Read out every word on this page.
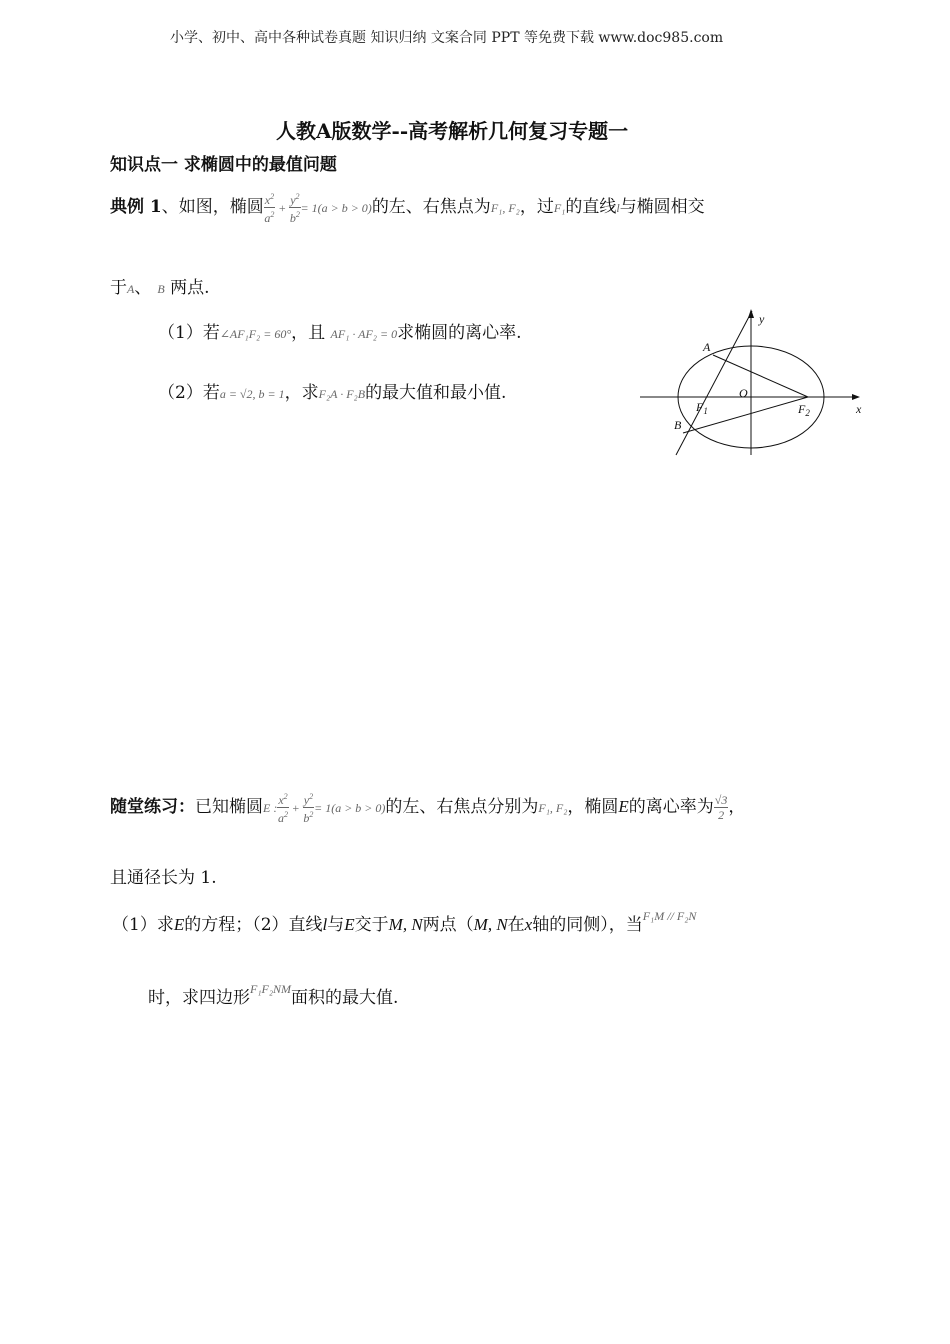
小学、初中、高中各种试卷真题 知识归纳 文案合同 PPT 等免费下载 www.doc985.com
人教A版数学--高考解析几何复习专题一
知识点一 求椭圆中的最值问题
典例 1、如图，椭圆 $\frac{x^2}{a^2} + \frac{y^2}{b^2} = 1(a > b > 0)$的左、右焦点为F₁, F₂，过F₁的直线l与椭圆相交
于A、 B 两点.
（1）若∠AF₁F₂ = 60°，且 AF₁ · AF₂ = 0求椭圆的离心率.
（2）若a = √2, b = 1，求F₂A · F₂B的最大值和最小值.
A
B
O
$F_1$	$F_2$	x
y
随堂练习：已知椭圆E : $\frac{x^2}{a^2} + \frac{y^2}{b^2} = 1(a > b > 0)$的左、右焦点分别为F₁, F₂，椭圆E的离心率为 $\frac{√3}{2}$ ，
且通径长为 1.
（1）求E的方程；（2）直线l与E交于M, N两点（M, N在x轴的同侧），当$^{F_1M // F_2N}$
时，求四边形$^{F_1F_2NM}$面积的最大值.
